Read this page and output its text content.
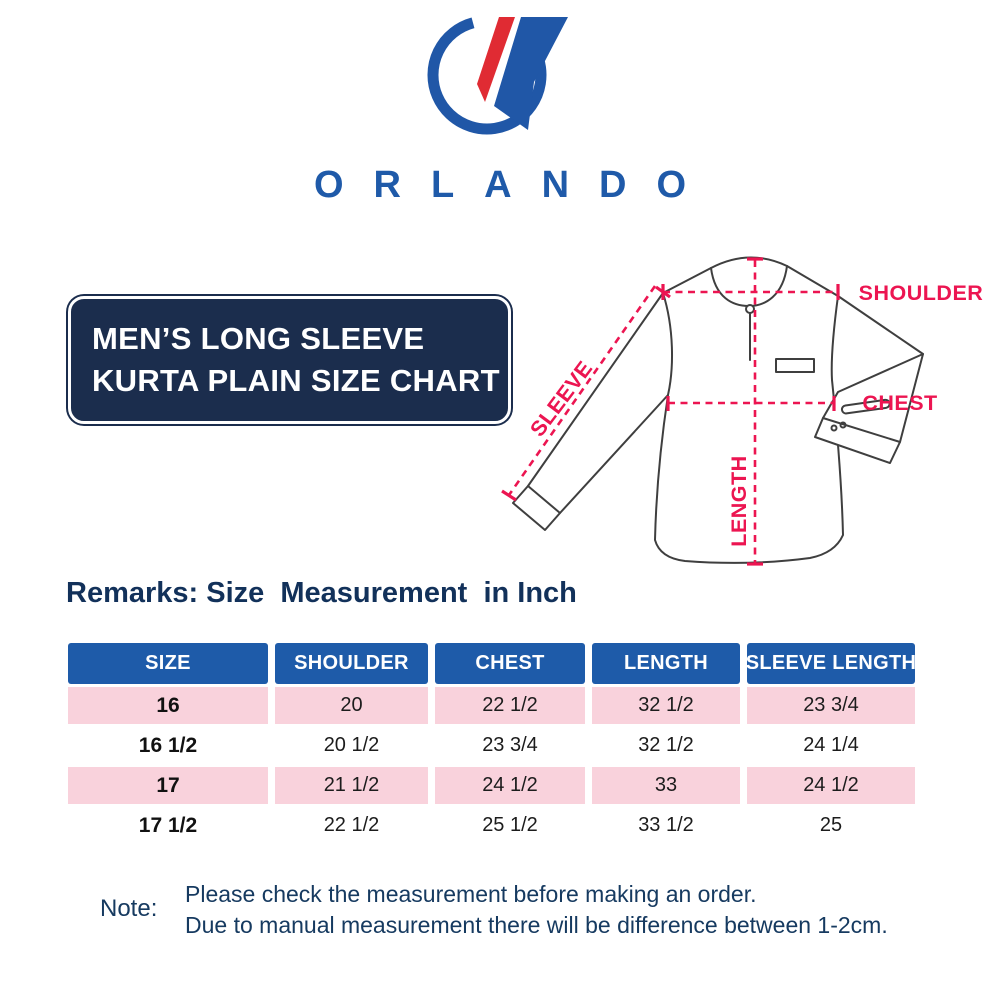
ORLANDO
MEN’S LONG SLEEVE
KURTA PLAIN SIZE CHART
SHOULDER
CHEST
LENGTH
SLEEVE
Remarks: Size  Measurement  in Inch
SIZE	SHOULDER	CHEST	LENGTH	SLEEVE LENGTH
16	20	22 1/2	32 1/2	23 3/4
16 1/2	20 1/2	23 3/4	32 1/2	24 1/4
17	21 1/2	24 1/2	33	24 1/2
17 1/2	22 1/2	25 1/2	33 1/2	25
Note:
Please check the measurement before making an order.
Due to manual measurement there will be difference between 1-2cm.
